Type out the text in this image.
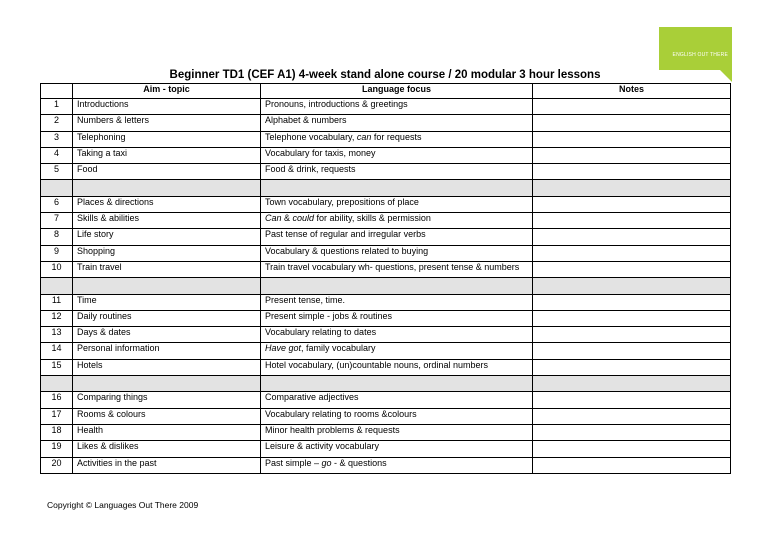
ENGLISH OUT THERE
Beginner TD1 (CEF A1) 4-week stand alone course / 20 modular 3 hour lessons
	Aim - topic	Language focus	Notes
1	Introductions	Pronouns, introductions & greetings	
2	Numbers & letters	Alphabet & numbers	
3	Telephoning	Telephone vocabulary, can for requests	
4	Taking a taxi	Vocabulary for taxis, money	
5	Food	Food & drink, requests	

6	Places & directions	Town vocabulary, prepositions of place	
7	Skills & abilities	Can & could for ability, skills & permission	
8	Life story	Past tense of regular and irregular verbs	
9	Shopping	Vocabulary & questions related to buying	
10	Train travel	Train travel vocabulary wh- questions, present tense & numbers	

11	Time	Present tense, time.	
12	Daily routines	Present simple - jobs & routines	
13	Days & dates	Vocabulary relating to dates	
14	Personal information	Have got, family vocabulary	
15	Hotels	Hotel vocabulary, (un)countable nouns, ordinal numbers	

16	Comparing things	Comparative adjectives	
17	Rooms & colours	Vocabulary relating to rooms &colours	
18	Health	Minor health problems & requests	
19	Likes & dislikes	Leisure & activity vocabulary	
20	Activities in the past	Past simple – go - & questions	
Copyright © Languages Out There 2009
